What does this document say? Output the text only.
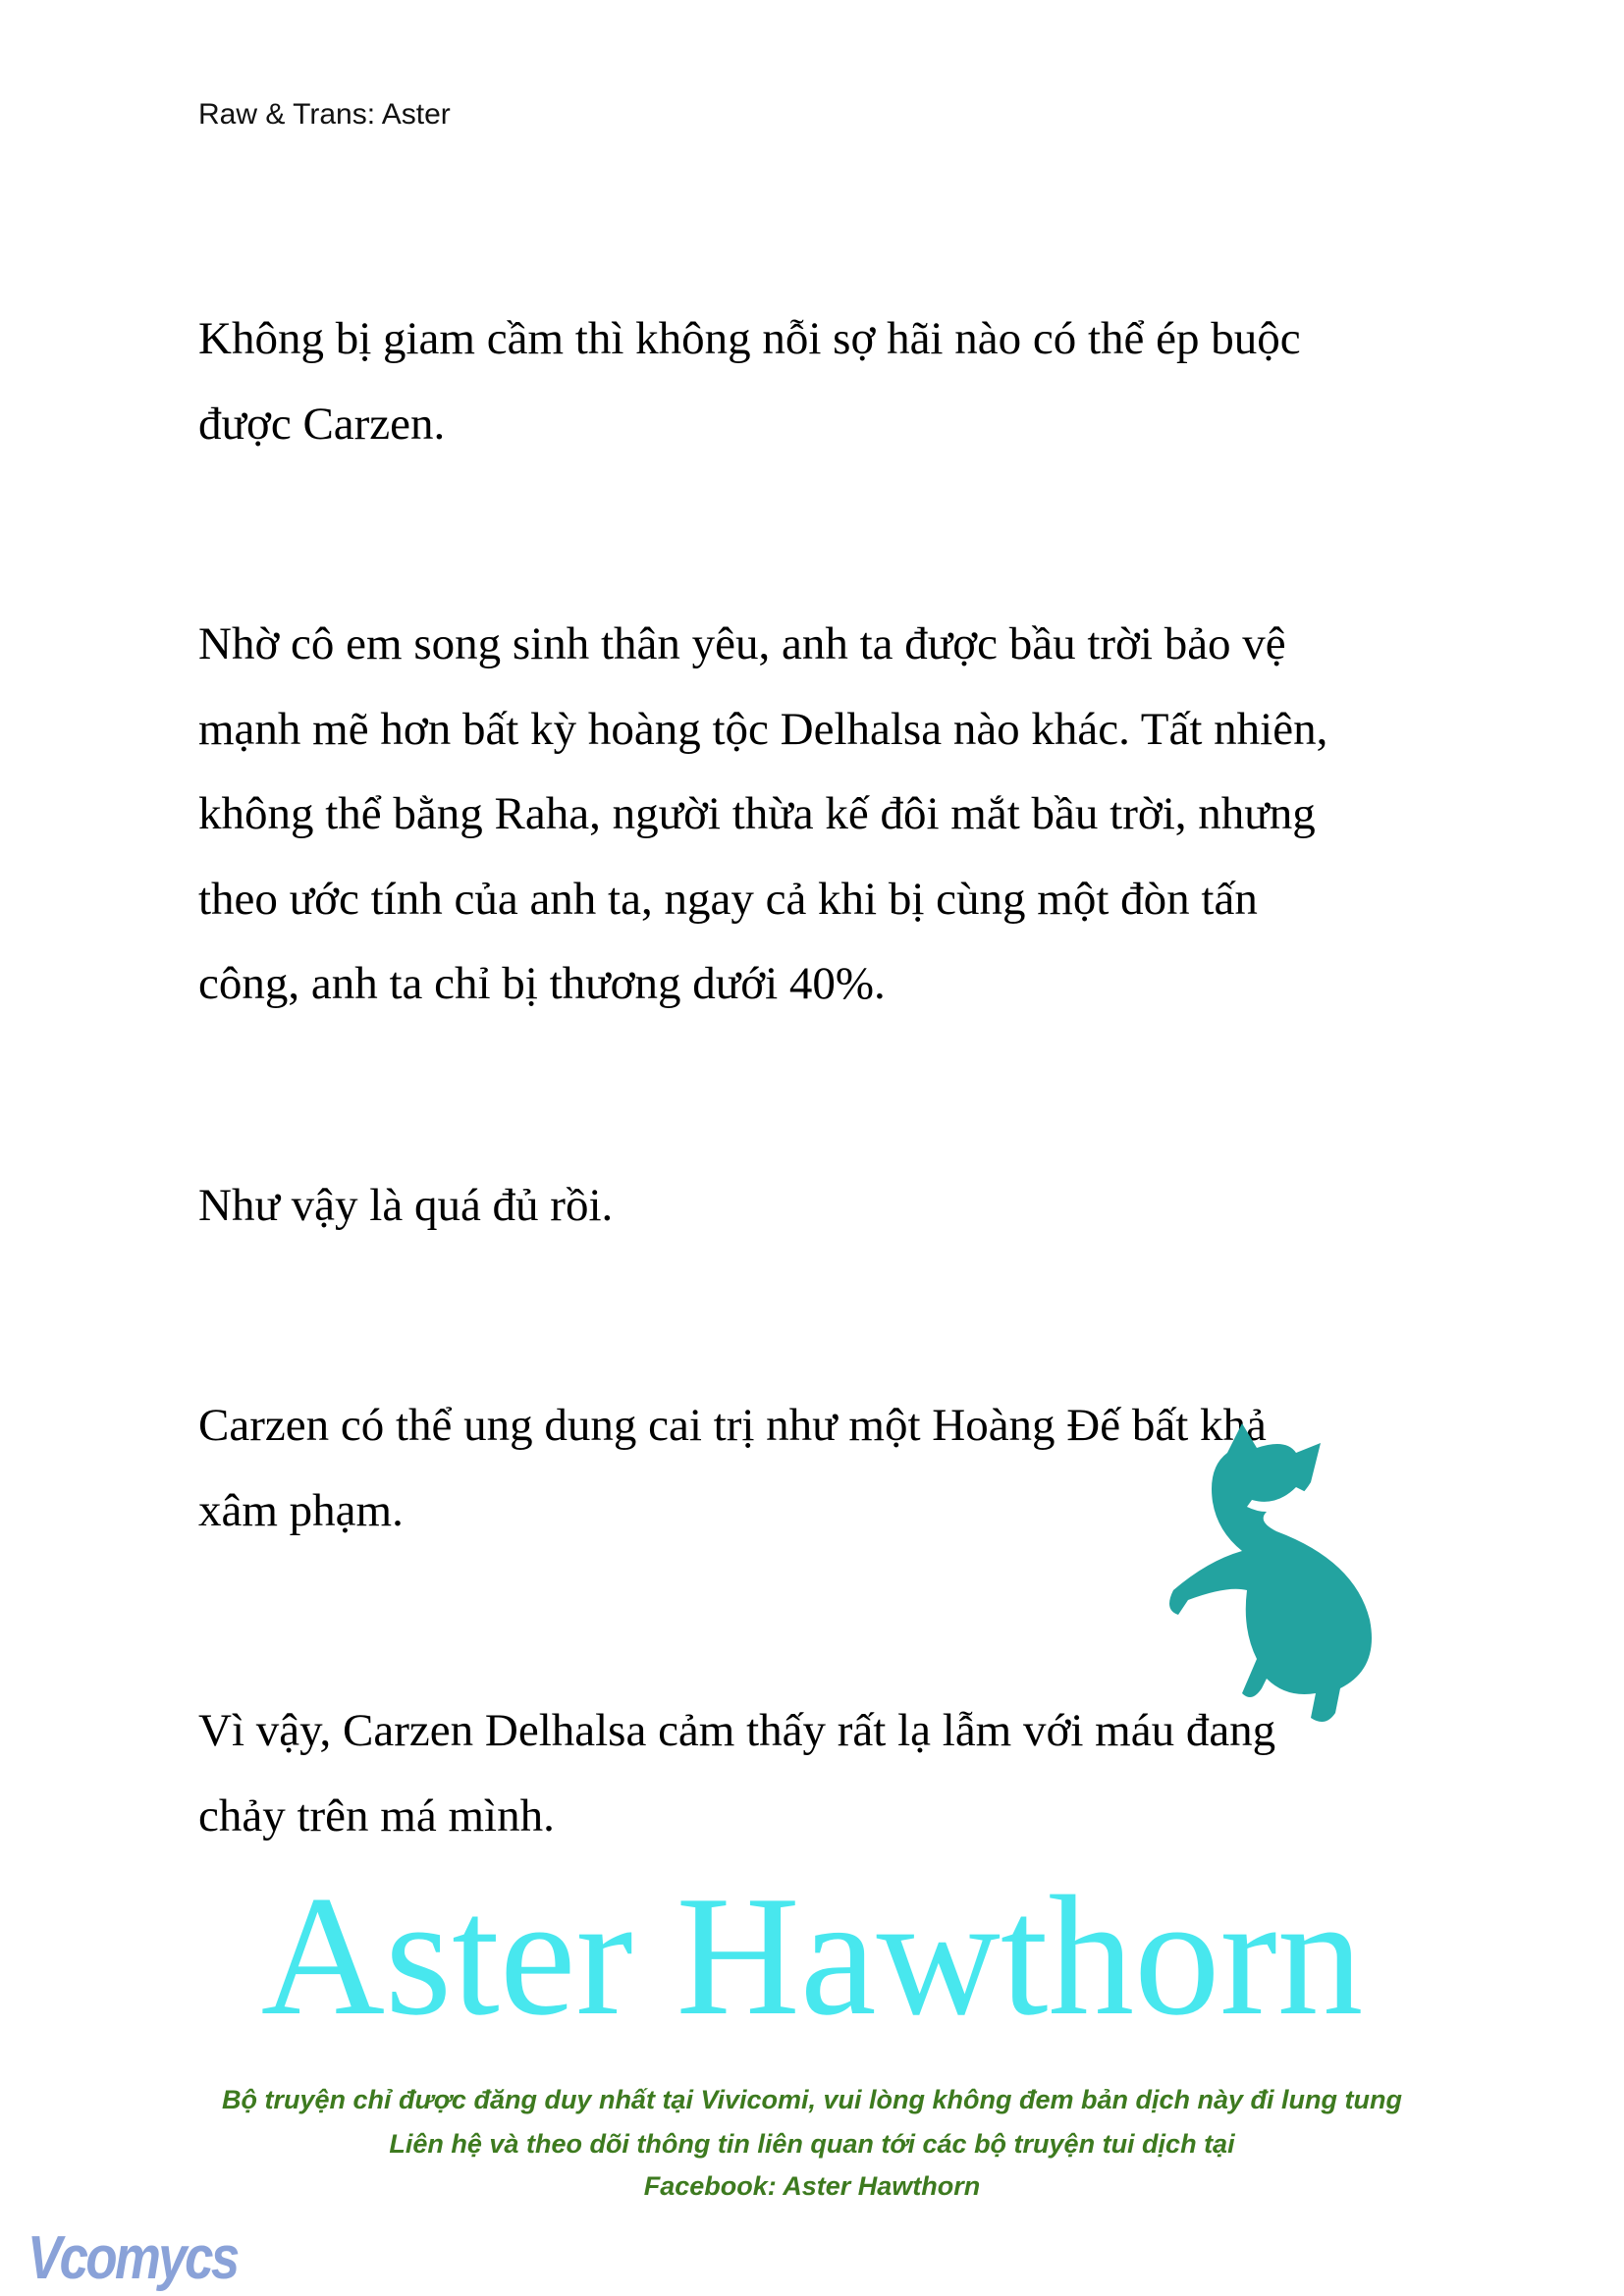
Raw & Trans: Aster
Không bị giam cầm thì không nỗi sợ hãi nào có thể ép buộc
được Carzen.
Nhờ cô em song sinh thân yêu, anh ta được bầu trời bảo vệ
mạnh mẽ hơn bất kỳ hoàng tộc Delhalsa nào khác. Tất nhiên,
không thể bằng Raha, người thừa kế đôi mắt bầu trời, nhưng
theo ước tính của anh ta, ngay cả khi bị cùng một đòn tấn
công, anh ta chỉ bị thương dưới 40%.
Như vậy là quá đủ rồi.
Carzen có thể ung dung cai trị như một Hoàng Đế bất khả
xâm phạm.
Vì vậy, Carzen Delhalsa cảm thấy rất lạ lẫm với máu đang
chảy trên má mình.
Aster Hawthorn
Bộ truyện chỉ được đăng duy nhất tại Vivicomi, vui lòng không đem bản dịch này đi lung tung
Liên hệ và theo dõi thông tin liên quan tới các bộ truyện tui dịch tại
Facebook: Aster Hawthorn
Vcomycs
